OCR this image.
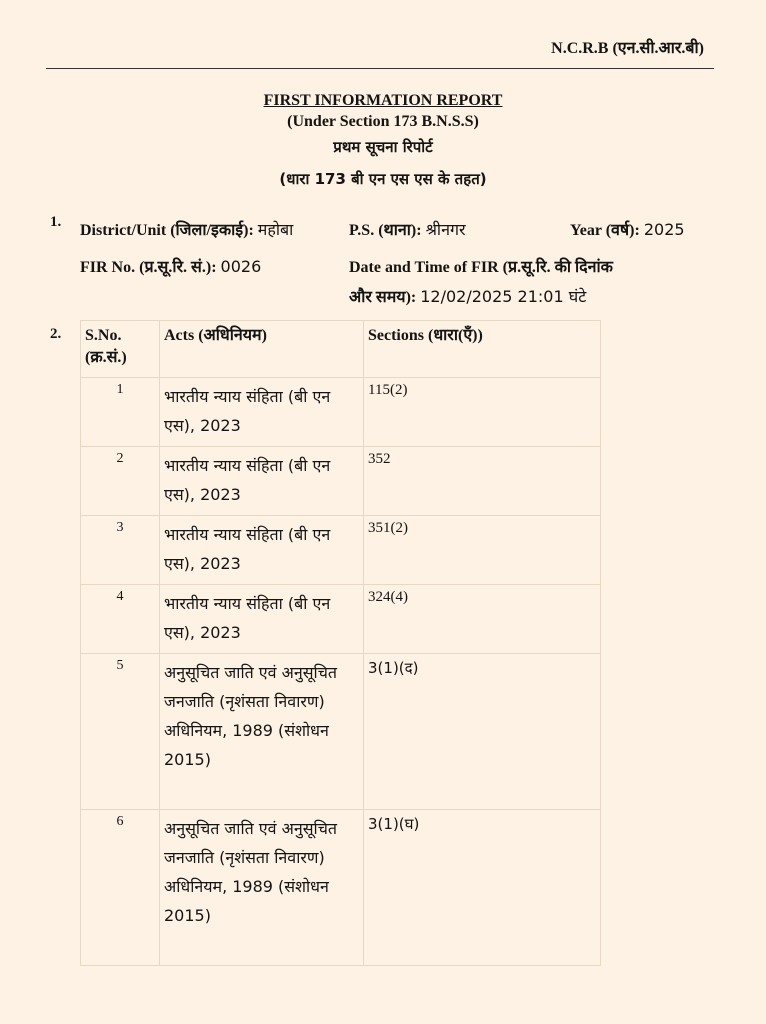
N.C.R.B (एन.सी.आर.बी)
FIRST INFORMATION REPORT
(Under Section 173 B.N.S.S)
प्रथम सूचना रिपोर्ट
(धारा 173 बी एन एस एस के तहत)
1. District/Unit (जिला/इकाई): महोबा	P.S. (थाना): श्रीनगर	Year (वर्ष): 2025
FIR No. (प्र.सू.रि. सं.): 0026	Date and Time of FIR (प्र.सू.रि. की दिनांक
और समय): 12/02/2025 21:01 घंटे
2. S.No. (क्र.सं.)	Acts (अधिनियम)	Sections (धारा(एँ))
1	भारतीय न्याय संहिता (बी एन एस), 2023	115(2)
2	भारतीय न्याय संहिता (बी एन एस), 2023	352
3	भारतीय न्याय संहिता (बी एन एस), 2023	351(2)
4	भारतीय न्याय संहिता (बी एन एस), 2023	324(4)
5	अनुसूचित जाति एवं अनुसूचित जनजाति (नृशंसता निवारण) अधिनियम, 1989 (संशोधन 2015)	3(1)(द)
6	अनुसूचित जाति एवं अनुसूचित जनजाति (नृशंसता निवारण) अधिनियम, 1989 (संशोधन 2015)	3(1)(घ)
